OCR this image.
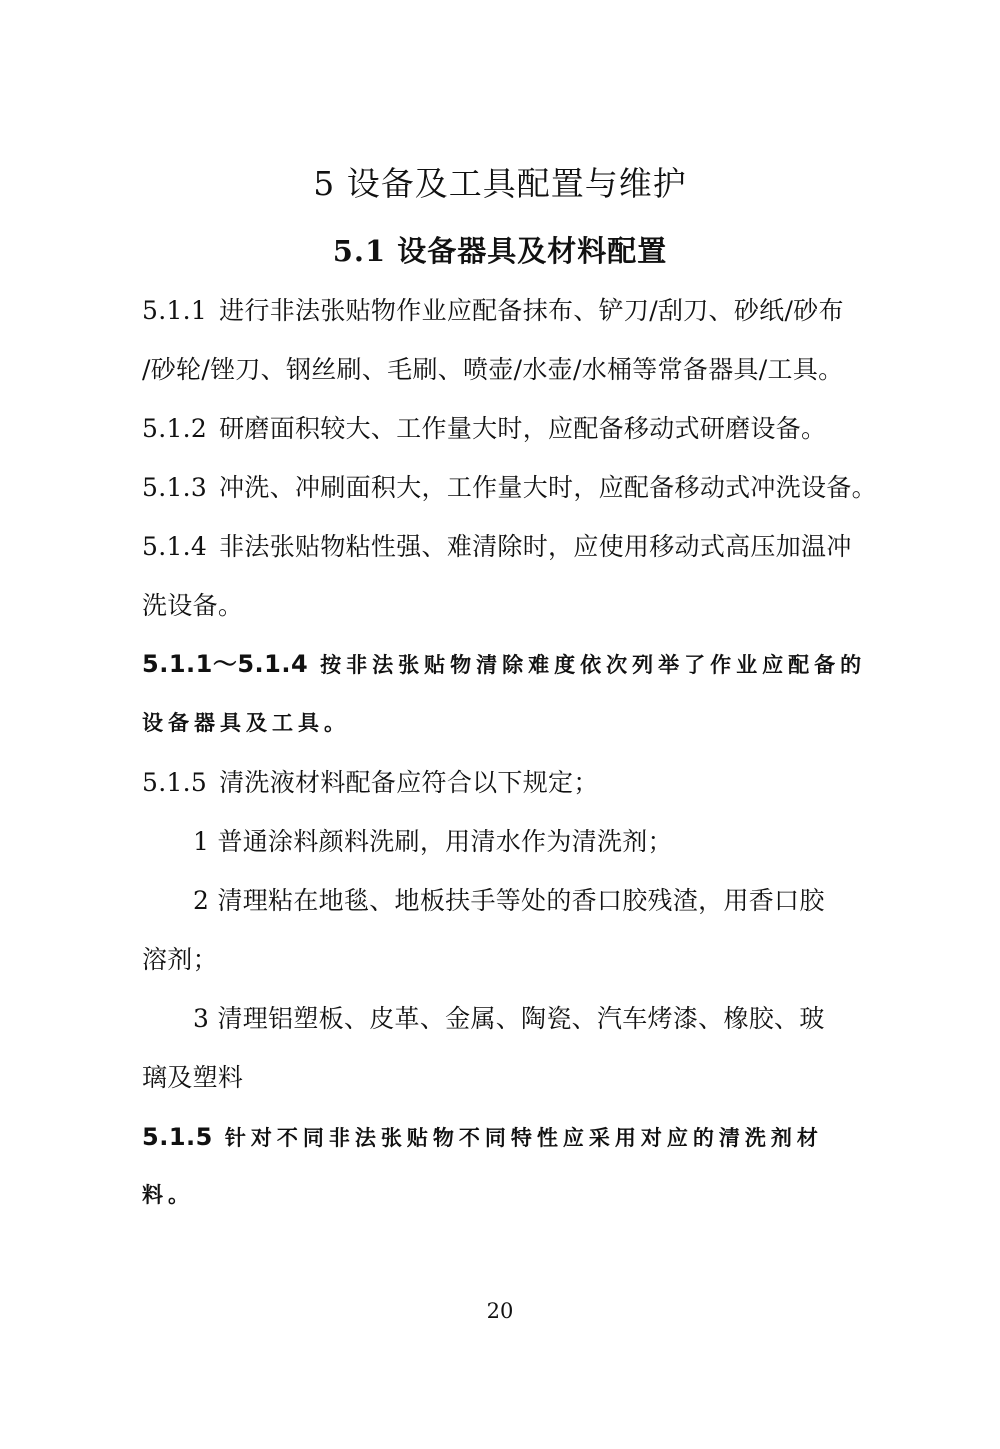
5 设备及工具配置与维护
5.1 设备器具及材料配置
5.1.1 进行非法张贴物作业应配备抹布、铲刀/刮刀、砂纸/砂布
/砂轮/锉刀、钢丝刷、毛刷、喷壶/水壶/水桶等常备器具/工具。
5.1.2 研磨面积较大、工作量大时，应配备移动式研磨设备。
5.1.3 冲洗、冲刷面积大，工作量大时，应配备移动式冲洗设备。
5.1.4 非法张贴物粘性强、难清除时，应使用移动式高压加温冲
洗设备。
5.1.1～5.1.4 按非法张贴物清除难度依次列举了作业应配备的
设备器具及工具。
5.1.5 清洗液材料配备应符合以下规定；
1 普通涂料颜料洗刷，用清水作为清洗剂；
2 清理粘在地毯、地板扶手等处的香口胶残渣，用香口胶
溶剂；
3 清理铝塑板、皮革、金属、陶瓷、汽车烤漆、橡胶、玻
璃及塑料
5.1.5 针对不同非法张贴物不同特性应采用对应的清洗剂材
料。
20
